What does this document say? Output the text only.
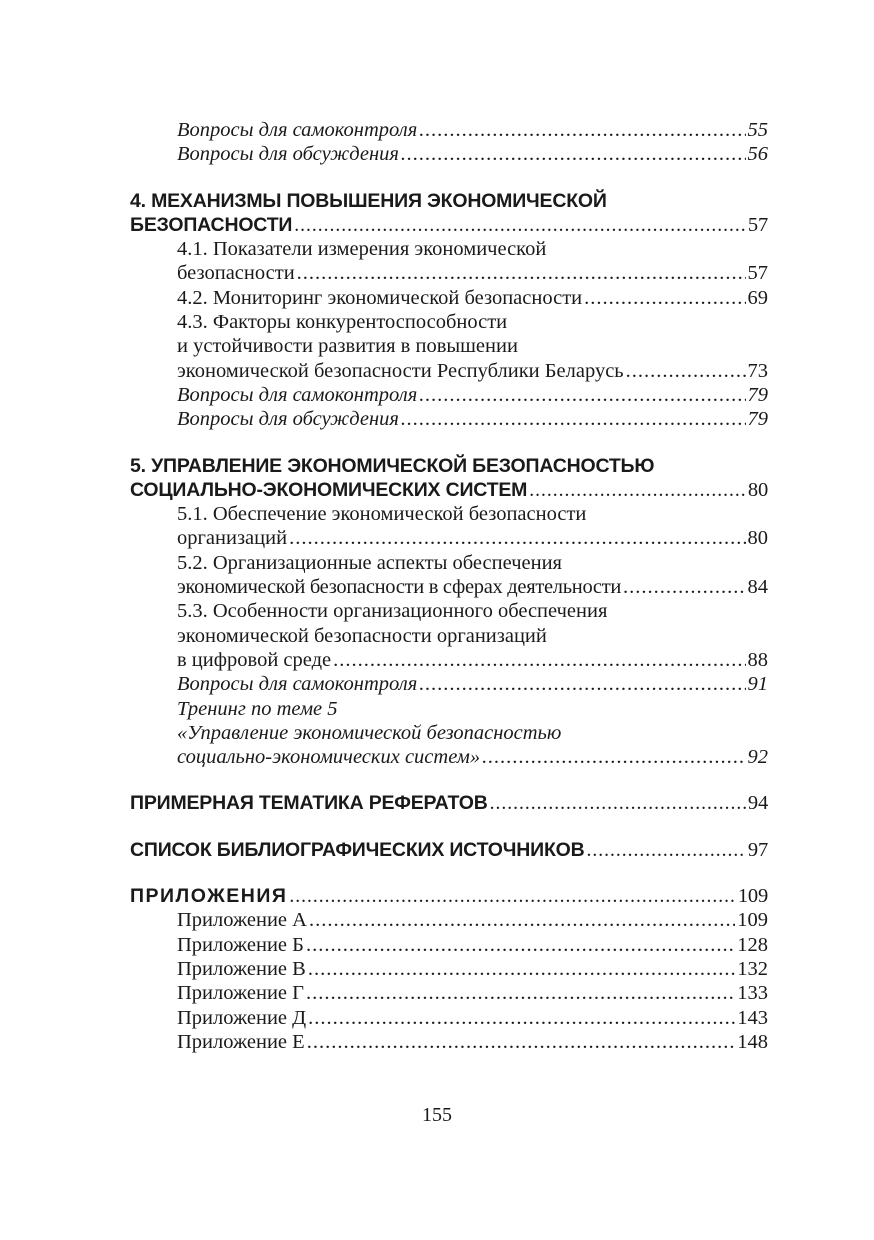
Вопросы для самоконтроля .....	55
Вопросы для обсуждения .....	56
4. МЕХАНИЗМЫ ПОВЫШЕНИЯ ЭКОНОМИЧЕСКОЙ
БЕЗОПАСНОСТИ .....	57
4.1. Показатели измерения экономической
безопасности .....	57
4.2. Мониторинг экономической безопасности .....	69
4.3. Факторы конкурентоспособности
и устойчивости развития в повышении
экономической безопасности Республики Беларусь .....	73
Вопросы для самоконтроля .....	79
Вопросы для обсуждения .....	79
5. УПРАВЛЕНИЕ ЭКОНОМИЧЕСКОЙ БЕЗОПАСНОСТЬЮ
СОЦИАЛЬНО-ЭКОНОМИЧЕСКИХ СИСТЕМ .....	80
5.1. Обеспечение экономической безопасности
организаций .....	80
5.2. Организационные аспекты обеспечения
экономической безопасности в сферах деятельности .....	84
5.3. Особенности организационного обеспечения
экономической безопасности организаций
в цифровой среде .....	88
Вопросы для самоконтроля .....	91
Тренинг по теме 5
«Управление экономической безопасностью
социально-экономических систем» .....	92
ПРИМЕРНАЯ ТЕМАТИКА РЕФЕРАТОВ .....	94
СПИСОК БИБЛИОГРАФИЧЕСКИХ ИСТОЧНИКОВ .....	97
ПРИЛОЖЕНИЯ .....	109
Приложение А .....	109
Приложение Б .....	128
Приложение В .....	132
Приложение Г .....	133
Приложение Д .....	143
Приложение Е .....	148
155
